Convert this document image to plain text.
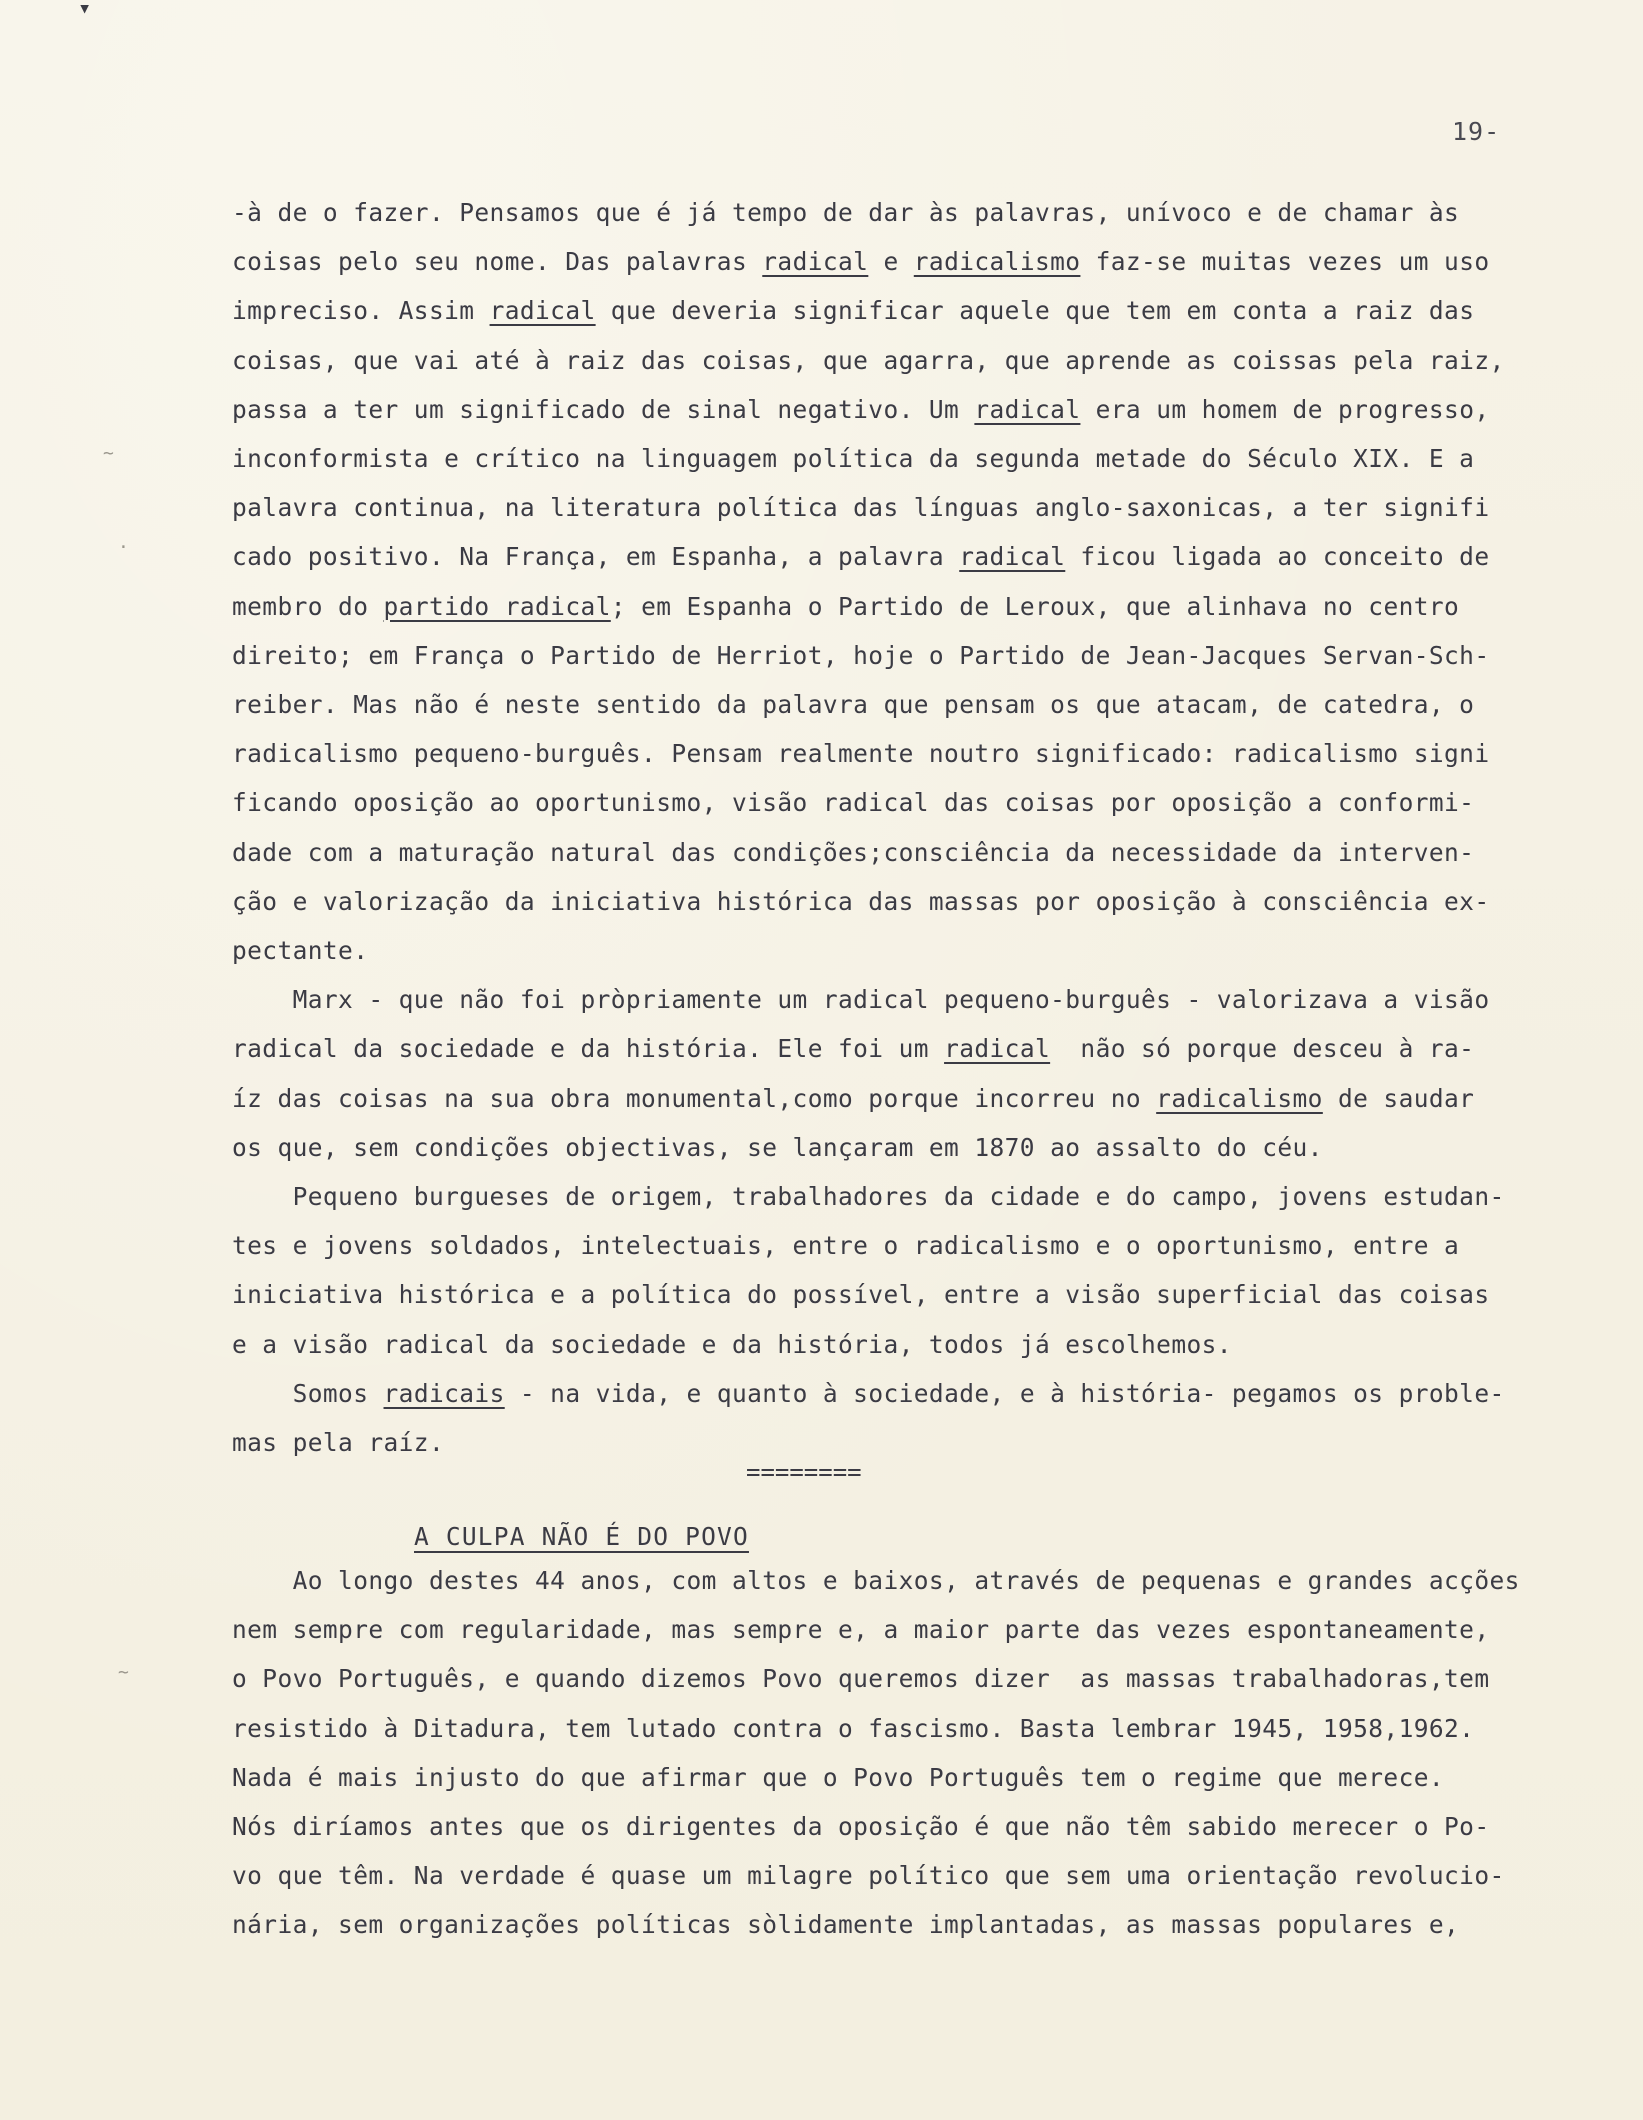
19-
-à de o fazer. Pensamos que é já tempo de dar às palavras, unívoco e de chamar às
coisas pelo seu nome. Das palavras radical e radicalismo faz-se muitas vezes um uso
impreciso. Assim radical que deveria significar aquele que tem em conta a raiz das
coisas, que vai até à raiz das coisas, que agarra, que aprende as coissas pela raiz,
passa a ter um significado de sinal negativo. Um radical era um homem de progresso,
inconformista e crítico na linguagem política da segunda metade do Século XIX. E a
palavra continua, na literatura política das línguas anglo-saxonicas, a ter signifi
cado positivo. Na França, em Espanha, a palavra radical ficou ligada ao conceito de
membro do partido radical; em Espanha o Partido de Leroux, que alinhava no centro
direito; em França o Partido de Herriot, hoje o Partido de Jean-Jacques Servan-Sch-
reiber. Mas não é neste sentido da palavra que pensam os que atacam, de catedra, o
radicalismo pequeno-burguês. Pensam realmente noutro significado: radicalismo signi
ficando oposição ao oportunismo, visão radical das coisas por oposição a conformi-
dade com a maturação natural das condições;consciência da necessidade da interven-
ção e valorização da iniciativa histórica das massas por oposição à consciência ex-
pectante.
Marx - que não foi pròpriamente um radical pequeno-burguês - valorizava a visão
radical da sociedade e da história. Ele foi um radical  não só porque desceu à ra-
íz das coisas na sua obra monumental,como porque incorreu no radicalismo de saudar
os que, sem condições objectivas, se lançaram em 1870 ao assalto do céu.
Pequeno burgueses de origem, trabalhadores da cidade e do campo, jovens estudan-
tes e jovens soldados, intelectuais, entre o radicalismo e o oportunismo, entre a
iniciativa histórica e a política do possível, entre a visão superficial das coisas
e a visão radical da sociedade e da história, todos já escolhemos.
Somos radicais - na vida, e quanto à sociedade, e à história- pegamos os proble-
mas pela raíz.
========
A CULPA NÃO É DO POVO
Ao longo destes 44 anos, com altos e baixos, através de pequenas e grandes acções
nem sempre com regularidade, mas sempre e, a maior parte das vezes espontaneamente,
o Povo Português, e quando dizemos Povo queremos dizer  as massas trabalhadoras,tem
resistido à Ditadura, tem lutado contra o fascismo. Basta lembrar 1945, 1958,1962.
Nada é mais injusto do que afirmar que o Povo Português tem o regime que merece.
Nós diríamos antes que os dirigentes da oposição é que não têm sabido merecer o Po-
vo que têm. Na verdade é quase um milagre político que sem uma orientação revolucio-
nária, sem organizações políticas sòlidamente implantadas, as massas populares e,
~
·
~
▾
